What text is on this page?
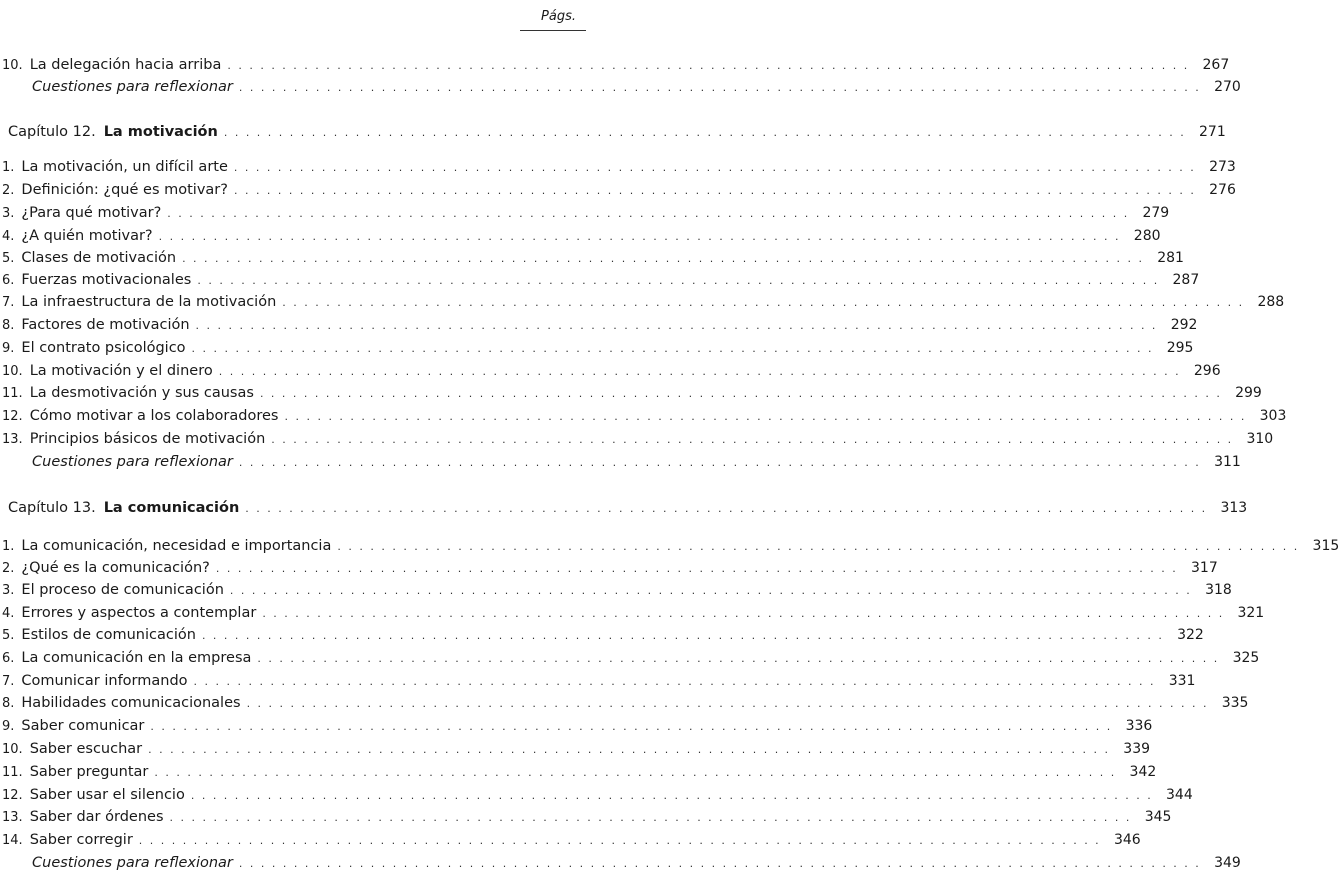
Págs.
10. La delegación hacia arriba . . .	267
Cuestiones para reflexionar . . .	270
Capítulo 12. La motivación . . .	271
1. La motivación, un difícil arte . . .	273
2. Definición: ¿qué es motivar? . . .	276
3. ¿Para qué motivar? . . .	279
4. ¿A quién motivar? . . .	280
5. Clases de motivación . . .	281
6. Fuerzas motivacionales . . .	287
7. La infraestructura de la motivación . . .	288
8. Factores de motivación . . .	292
9. El contrato psicológico . . .	295
10. La motivación y el dinero . . .	296
11. La desmotivación y sus causas . . .	299
12. Cómo motivar a los colaboradores . . .	303
13. Principios básicos de motivación . . .	310
Cuestiones para reflexionar . . .	311
Capítulo 13. La comunicación . . .	313
1. La comunicación, necesidad e importancia . . .	315
2. ¿Qué es la comunicación? . . .	317
3. El proceso de comunicación . . .	318
4. Errores y aspectos a contemplar . . .	321
5. Estilos de comunicación . . .	322
6. La comunicación en la empresa . . .	325
7. Comunicar informando . . .	331
8. Habilidades comunicacionales . . .	335
9. Saber comunicar . . .	336
10. Saber escuchar . . .	339
11. Saber preguntar . . .	342
12. Saber usar el silencio . . .	344
13. Saber dar órdenes . . .	345
14. Saber corregir . . .	346
Cuestiones para reflexionar . . .	349
